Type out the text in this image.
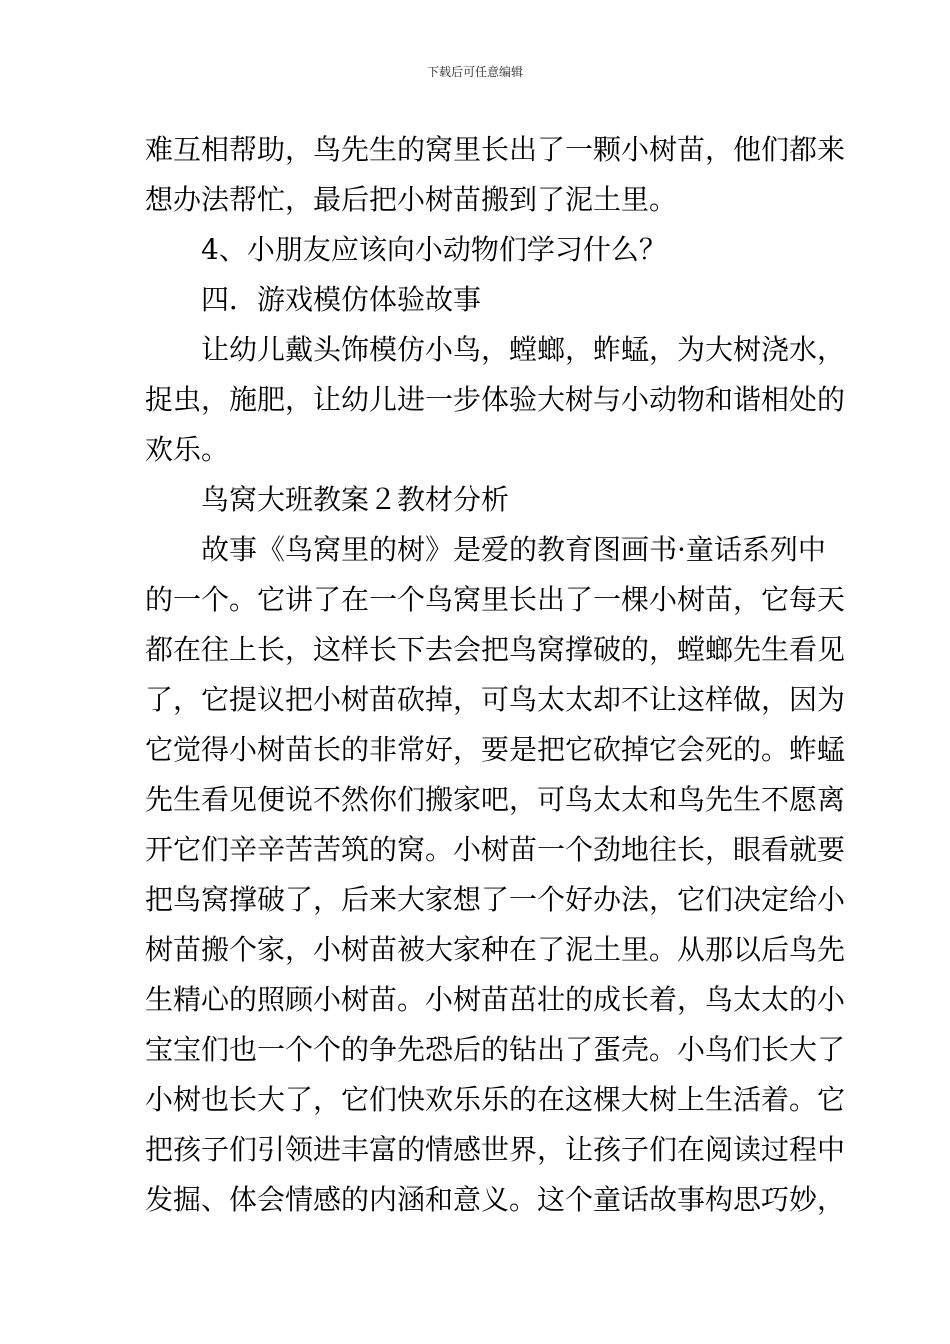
下载后可任意编辑
难互相帮助，鸟先生的窝里长出了一颗小树苗，他们都来
想办法帮忙，最后把小树苗搬到了泥土里。
4、小朋友应该向小动物们学习什么？
四．游戏模仿体验故事
让幼儿戴头饰模仿小鸟，螳螂，蚱蜢，为大树浇水，
捉虫，施肥，让幼儿进一步体验大树与小动物和谐相处的
欢乐。
鸟窝大班教案２教材分析
故事《鸟窝里的树》是爱的教育图画书·童话系列中
的一个。它讲了在一个鸟窝里长出了一棵小树苗，它每天
都在往上长，这样长下去会把鸟窝撑破的，螳螂先生看见
了，它提议把小树苗砍掉，可鸟太太却不让这样做，因为
它觉得小树苗长的非常好，要是把它砍掉它会死的。蚱蜢
先生看见便说不然你们搬家吧，可鸟太太和鸟先生不愿离
开它们辛辛苦苦筑的窝。小树苗一个劲地往长，眼看就要
把鸟窝撑破了，后来大家想了一个好办法，它们决定给小
树苗搬个家，小树苗被大家种在了泥土里。从那以后鸟先
生精心的照顾小树苗。小树苗茁壮的成长着，鸟太太的小
宝宝们也一个个的争先恐后的钻出了蛋壳。小鸟们长大了
小树也长大了，它们快欢乐乐的在这棵大树上生活着。它
把孩子们引领进丰富的情感世界，让孩子们在阅读过程中
发掘、体会情感的内涵和意义。这个童话故事构思巧妙，
